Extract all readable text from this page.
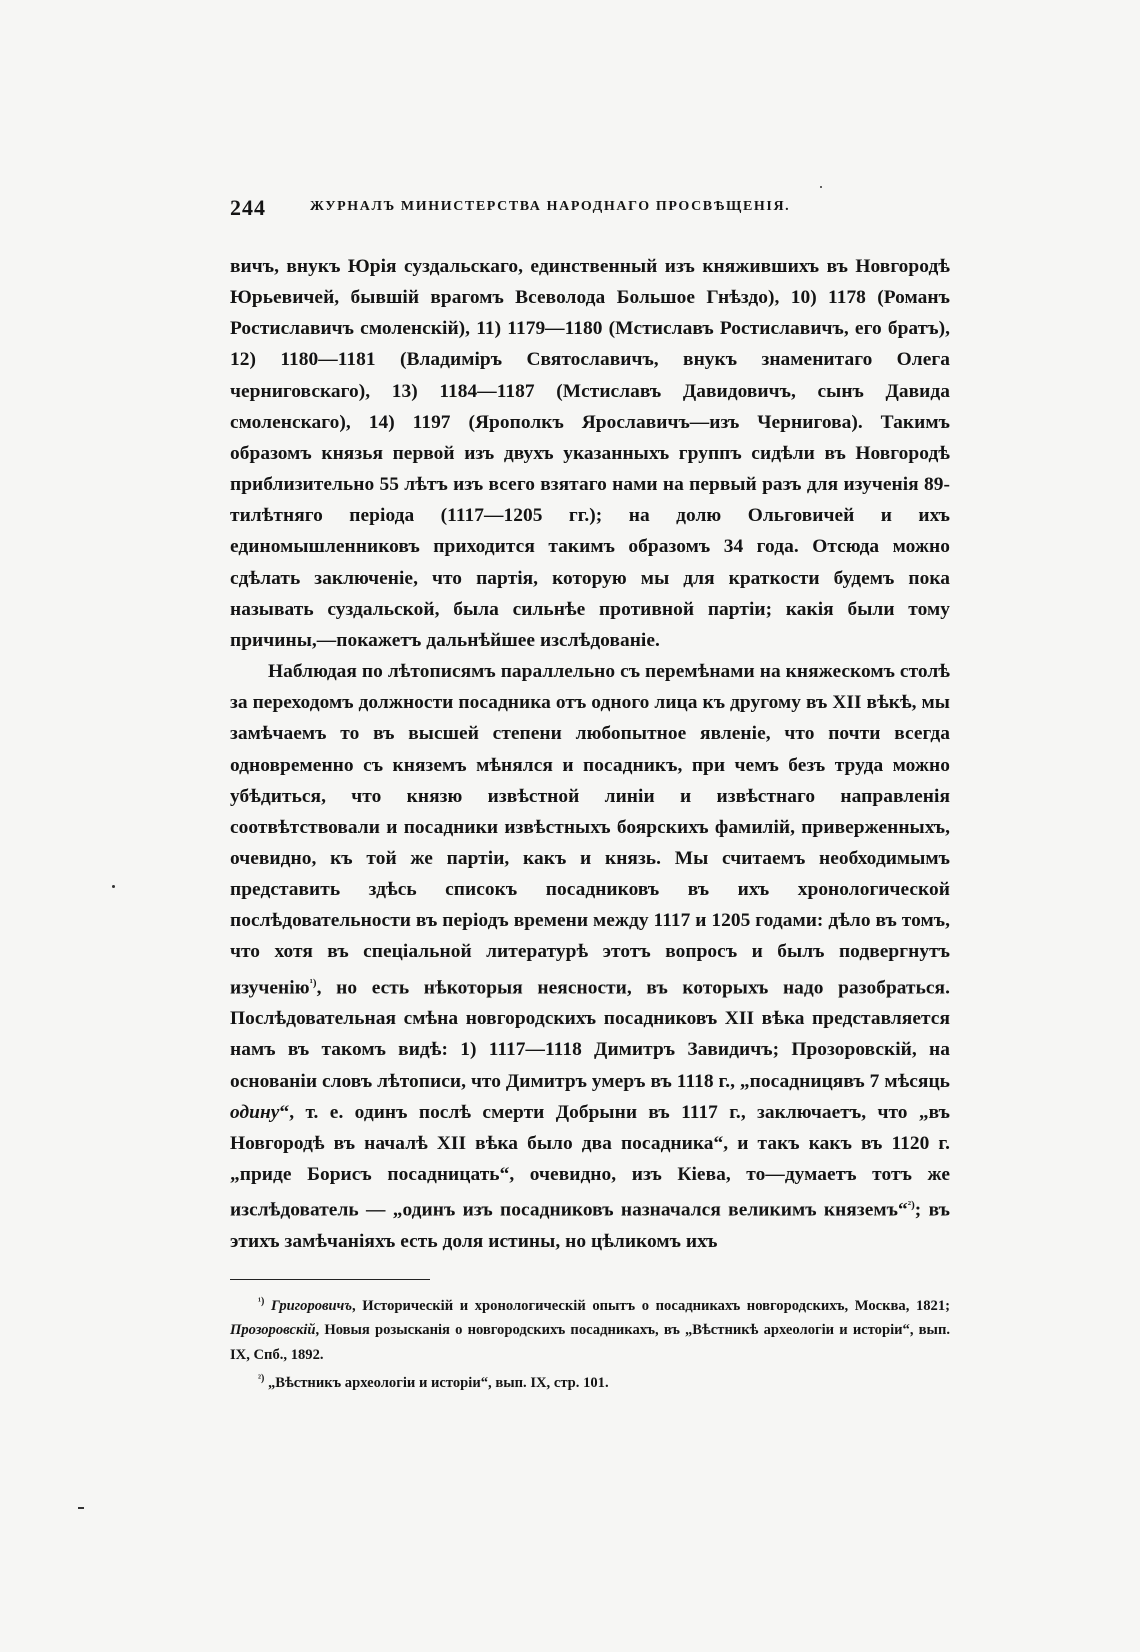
244	ЖУРНАЛЪ МИНИСТЕРСТВА НАРОДНАГО ПРОСВѢЩЕНІЯ.

вичъ, внукъ Юрія суздальскаго, единственный изъ княжившихъ въ Новгородѣ Юрьевичей, бывшій врагомъ Всеволода Большое Гнѣздо), 10) 1178 (Романъ Ростиславичъ смоленскій), 11) 1179—1180 (Мстиславъ Ростиславичъ, его братъ), 12) 1180—1181 (Владиміръ Святославичъ, внукъ знаменитаго Олега черниговскаго), 13) 1184—1187 (Мстиславъ Давидовичъ, сынъ Давида смоленскаго), 14) 1197 (Ярополкъ Ярославичъ—изъ Чернигова). Такимъ образомъ князья первой изъ двухъ указанныхъ группъ сидѣли въ Новгородѣ приблизительно 55 лѣтъ изъ всего взятаго нами на первый разъ для изученія 89-тилѣтняго періода (1117—1205 гг.); на долю Ольговичей и ихъ единомышленниковъ приходится такимъ образомъ 34 года. Отсюда можно сдѣлать заключеніе, что партія, которую мы для краткости будемъ пока называть суздальской, была сильнѣе противной партіи; какія были тому причины,—покажетъ дальнѣйшее изслѣдованіе.

Наблюдая по лѣтописямъ параллельно съ перемѣнами на княжескомъ столѣ за переходомъ должности посадника отъ одного лица къ другому въ XII вѣкѣ, мы замѣчаемъ то въ высшей степени любопытное явленіе, что почти всегда одновременно съ княземъ мѣнялся и посадникъ, при чемъ безъ труда можно убѣдиться, что князю извѣстной линіи и извѣстнаго направленія соотвѣтствовали и посадники извѣстныхъ боярскихъ фамилій, приверженныхъ, очевидно, къ той же партіи, какъ и князь. Мы считаемъ необходимымъ представить здѣсь списокъ посадниковъ въ ихъ хронологической послѣдовательности въ періодъ времени между 1117 и 1205 годами: дѣло въ томъ, что хотя въ спеціальной литературѣ этотъ вопросъ и былъ подвергнутъ изученію$^{^1)}$, но есть нѣкоторыя неясности, въ которыхъ надо разобраться. Послѣдовательная смѣна новгородскихъ посадниковъ XII вѣка представляется намъ въ такомъ видѣ: 1) 1117—1118 Димитръ Завидичъ; Прозоровскій, на основаніи словъ лѣтописи, что Димитръ умеръ въ 1118 г., „посадницявъ 7 мѣсяць одину“, т. е. одинъ послѣ смерти Добрыни въ 1117 г., заключаетъ, что „въ Новгородѣ въ началѣ XII вѣка было два посадника“, и такъ какъ въ 1120 г. „приде Борисъ посадницать“, очевидно, изъ Кіева, то—думаетъ тотъ же изслѣдователь — „одинъ изъ посадниковъ назначался великимъ княземъ“$^{^2)}$; въ этихъ замѣчаніяхъ есть доля истины, но цѣликомъ ихъ

$^{^1)}$ Григоровичъ, Историческій и хронологическій опытъ о посадникахъ новгородскихъ, Москва, 1821; Прозоровскій, Новыя розысканія о новгородскихъ посадникахъ, въ „Вѣстникѣ археологіи и исторіи“, вып. IX, Спб., 1892.

$^{^2)}$ „Вѣстникъ археологіи и исторіи“, вып. IX, стр. 101.
